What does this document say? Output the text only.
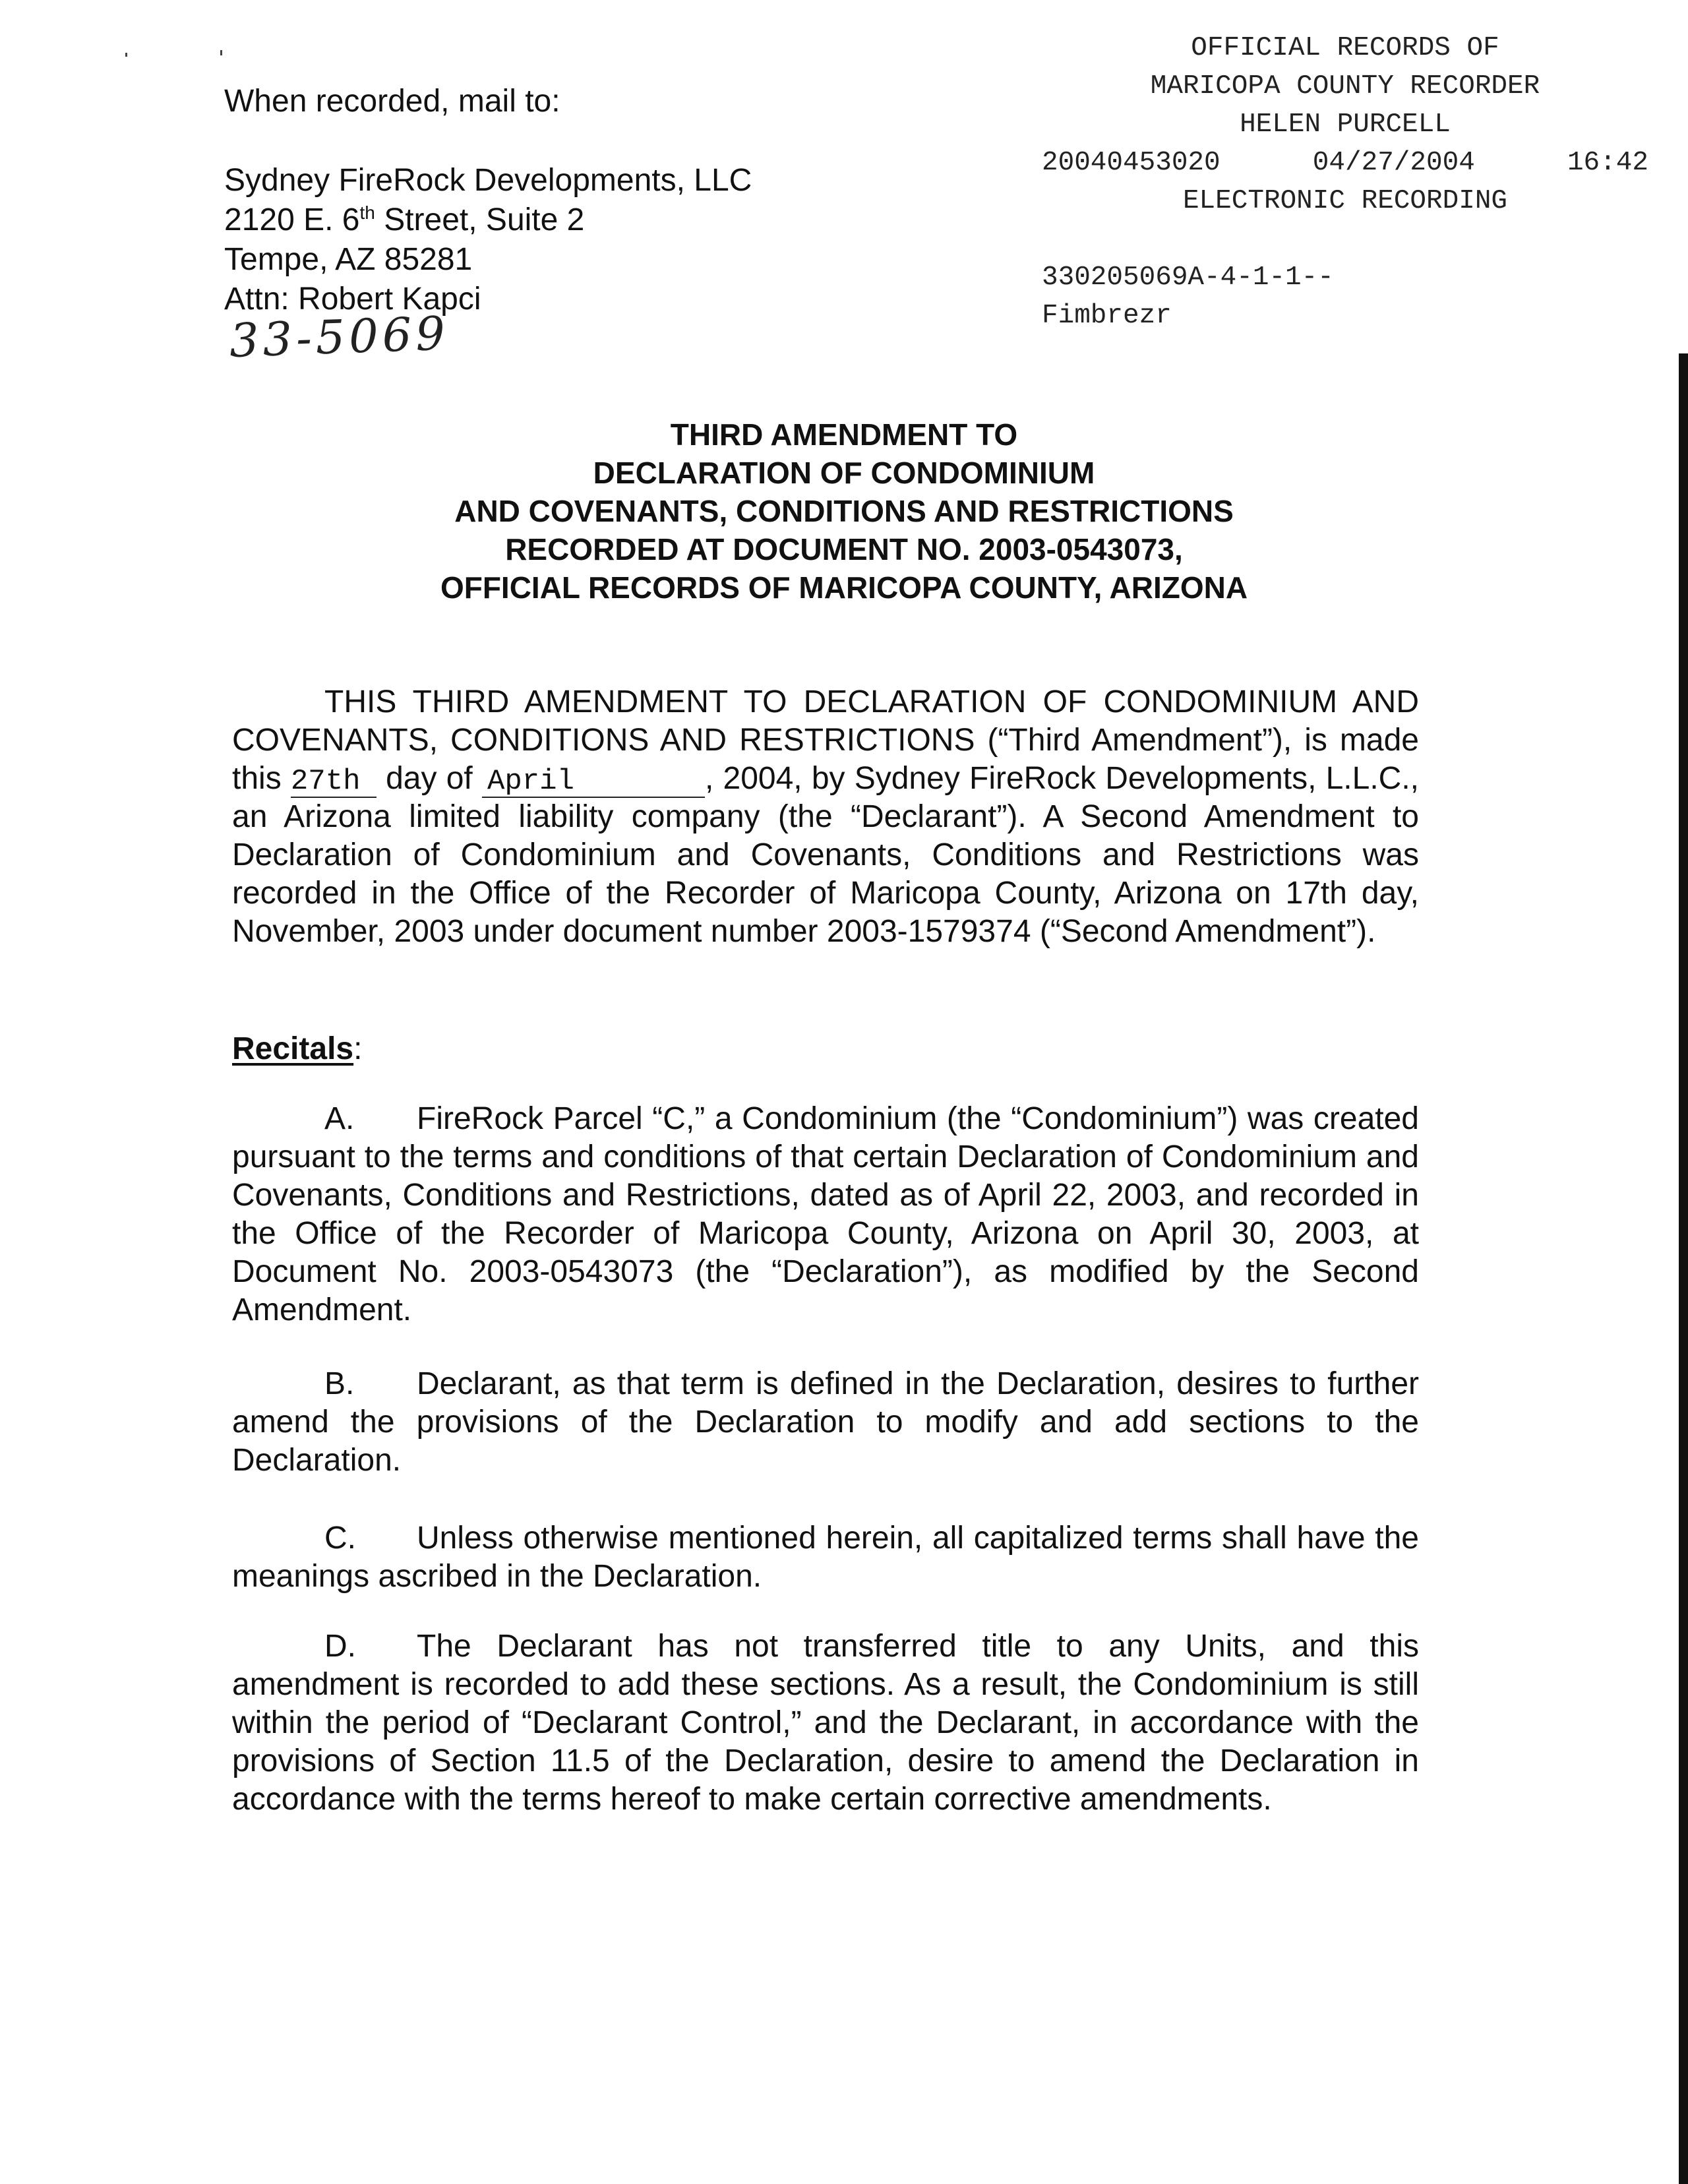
When recorded, mail to:
Sydney FireRock Developments, LLC
2120 E. 6th Street, Suite 2
Tempe, AZ 85281
Attn: Robert Kapci
33-5069
OFFICIAL RECORDS OF
MARICOPA COUNTY RECORDER
HELEN PURCELL
20040453020	04/27/2004	16:42
ELECTRONIC RECORDING
330205069A-4-1-1--
Fimbrezr
THIRD AMENDMENT TO
DECLARATION OF CONDOMINIUM
AND COVENANTS, CONDITIONS AND RESTRICTIONS
RECORDED AT DOCUMENT NO. 2003-0543073,
OFFICIAL RECORDS OF MARICOPA COUNTY, ARIZONA
THIS THIRD AMENDMENT TO DECLARATION OF CONDOMINIUM AND COVENANTS, CONDITIONS AND RESTRICTIONS (“Third Amendment”), is made this 27th day of April	, 2004, by Sydney FireRock Developments, L.L.C., an Arizona limited liability company (the “Declarant”). A Second Amendment to Declaration of Condominium and Covenants, Conditions and Restrictions was recorded in the Office of the Recorder of Maricopa County, Arizona on 17th day, November, 2003 under document number 2003-1579374 (“Second Amendment”).
Recitals:
A. FireRock Parcel “C,” a Condominium (the “Condominium”) was created pursuant to the terms and conditions of that certain Declaration of Condominium and Covenants, Conditions and Restrictions, dated as of April 22, 2003, and recorded in the Office of the Recorder of Maricopa County, Arizona on April 30, 2003, at Document No. 2003-0543073 (the “Declaration”), as modified by the Second Amendment.
B. Declarant, as that term is defined in the Declaration, desires to further amend the provisions of the Declaration to modify and add sections to the Declaration.
C. Unless otherwise mentioned herein, all capitalized terms shall have the meanings ascribed in the Declaration.
D. The Declarant has not transferred title to any Units, and this amendment is recorded to add these sections. As a result, the Condominium is still within the period of “Declarant Control,” and the Declarant, in accordance with the provisions of Section 11.5 of the Declaration, desire to amend the Declaration in accordance with the terms hereof to make certain corrective amendments.
